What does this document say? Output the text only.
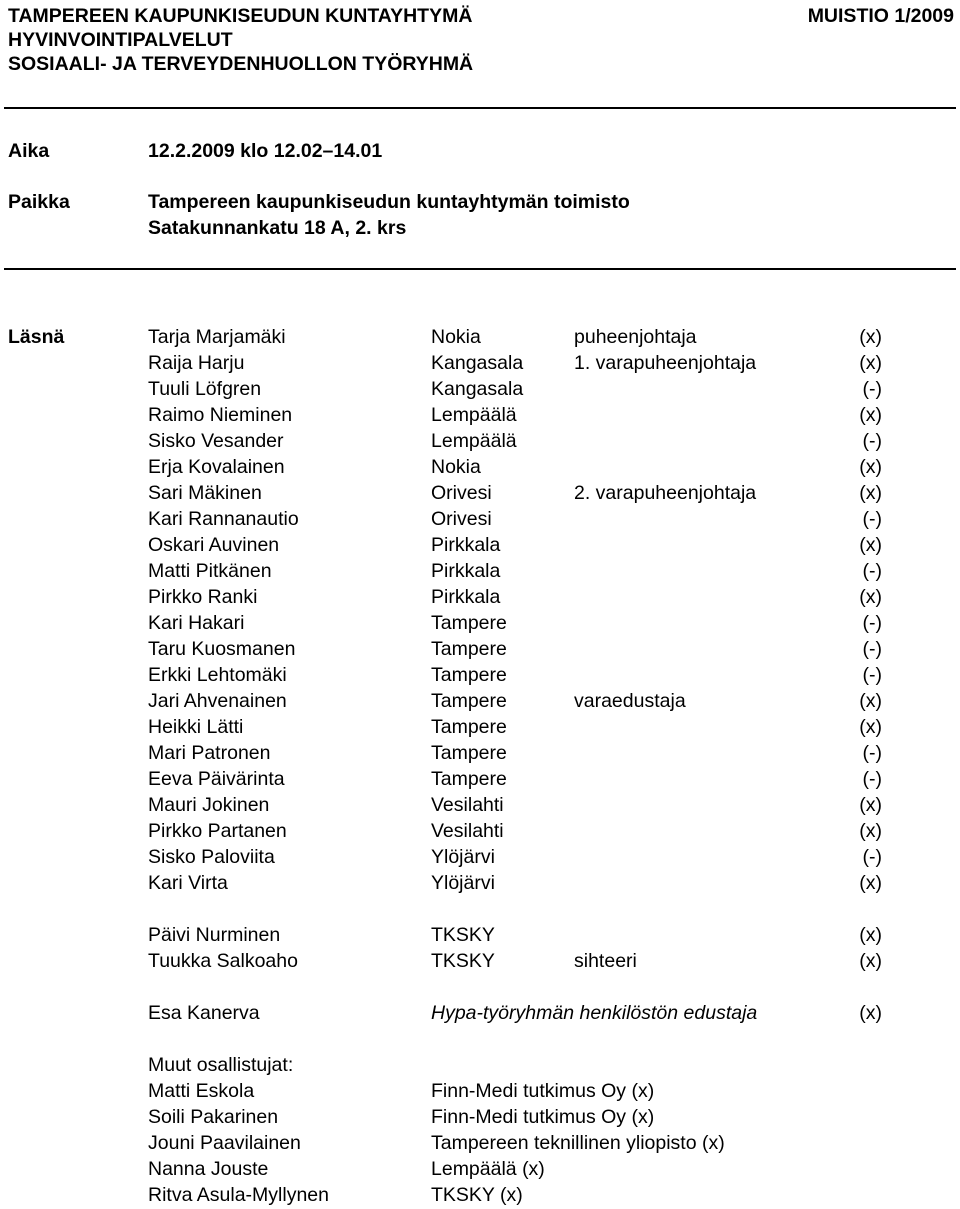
TAMPEREEN KAUPUNKISEUDUN KUNTAYHTYMÄ
HYVINVOINTIPALVELUT
SOSIAALI- JA TERVEYDENHUOLLON TYÖRYHMÄ
MUISTIO 1/2009
Aika	12.2.2009 klo 12.02–14.01
Paikka	Tampereen kaupunkiseudun kuntayhtymän toimisto
Satakunnankatu 18 A, 2. krs
Läsnä	Tarja Marjamäki	Nokia	puheenjohtaja	(x)
Raija Harju	Kangasala	1. varapuheenjohtaja	(x)
Tuuli Löfgren	Kangasala	(-)
Raimo Nieminen	Lempäälä	(x)
Sisko Vesander	Lempäälä	(-)
Erja Kovalainen	Nokia	(x)
Sari Mäkinen	Orivesi	2. varapuheenjohtaja	(x)
Kari Rannanautio	Orivesi	(-)
Oskari Auvinen	Pirkkala	(x)
Matti Pitkänen	Pirkkala	(-)
Pirkko Ranki	Pirkkala	(x)
Kari Hakari	Tampere	(-)
Taru Kuosmanen	Tampere	(-)
Erkki Lehtomäki	Tampere	(-)
Jari Ahvenainen	Tampere	varaedustaja	(x)
Heikki Lätti	Tampere	(x)
Mari Patronen	Tampere	(-)
Eeva Päivärinta	Tampere	(-)
Mauri Jokinen	Vesilahti	(x)
Pirkko Partanen	Vesilahti	(x)
Sisko Paloviita	Ylöjärvi	(-)
Kari Virta	Ylöjärvi	(x)
Päivi Nurminen	TKSKY	(x)
Tuukka Salkoaho	TKSKY	sihteeri	(x)
Esa Kanerva	Hypa-työryhmän henkilöstön edustaja	(x)
Muut osallistujat:
Matti Eskola	Finn-Medi tutkimus Oy (x)
Soili Pakarinen	Finn-Medi tutkimus Oy (x)
Jouni Paavilainen	Tampereen teknillinen yliopisto (x)
Nanna Jouste	Lempäälä (x)
Ritva Asula-Myllynen	TKSKY (x)
